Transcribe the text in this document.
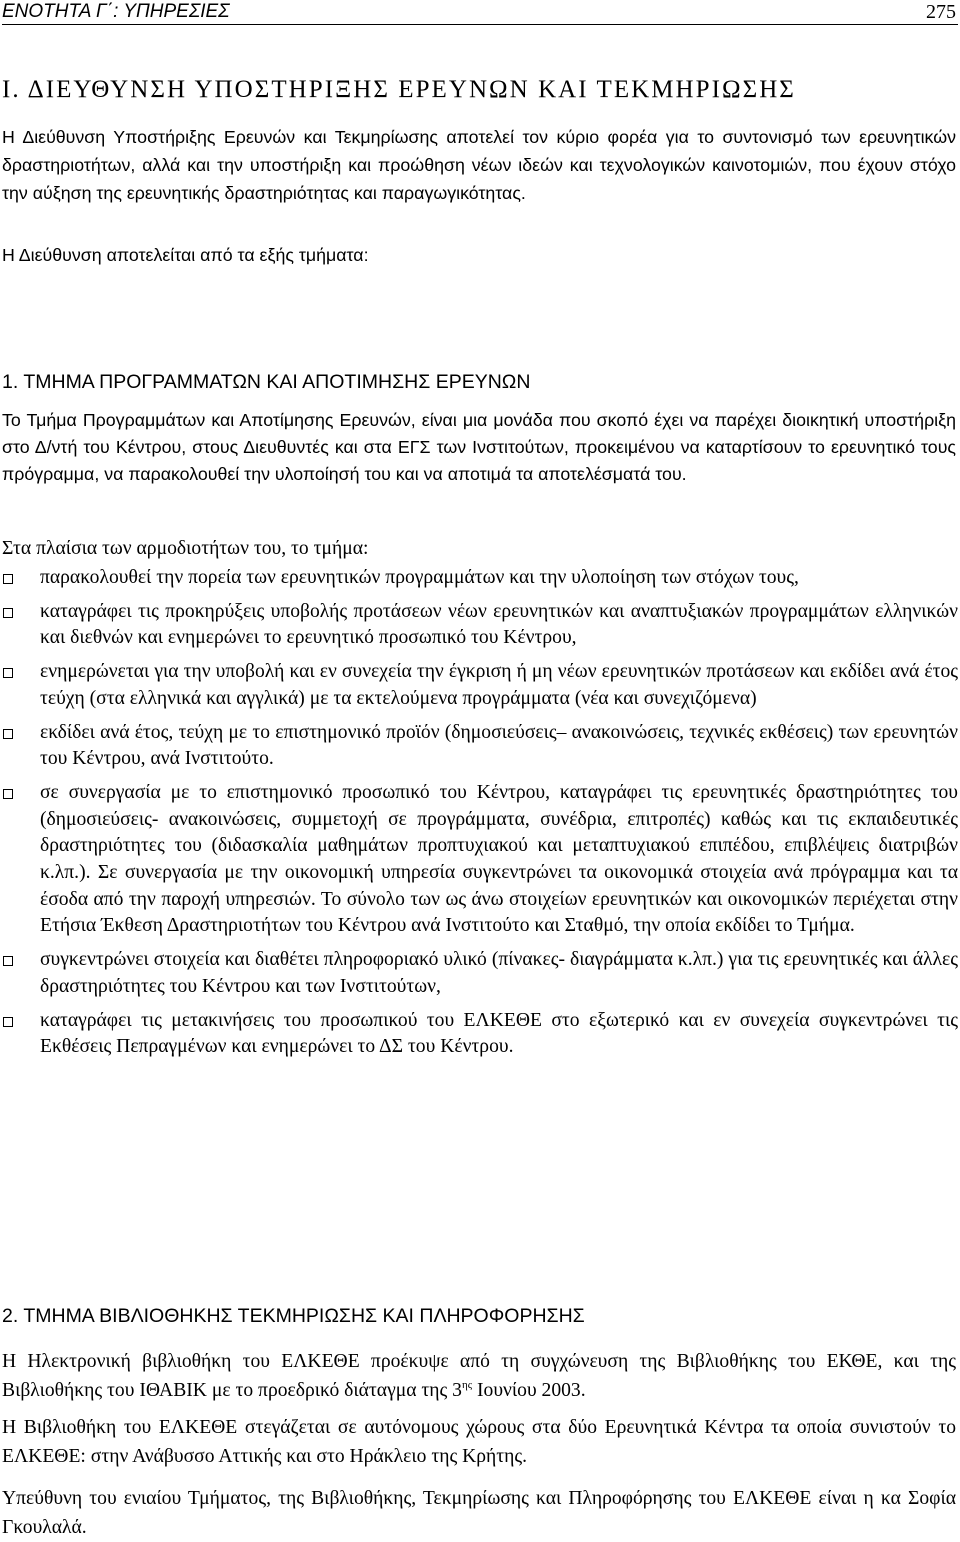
ΕΝΟΤΗΤΑ Γ΄: ΥΠΗΡΕΣΙΕΣ	275
Ι. ΔΙΕΥΘΥΝΣΗ ΥΠΟΣΤΗΡΙΞΗΣ ΕΡΕΥΝΩΝ ΚΑΙ ΤΕΚΜΗΡΙΩΣΗΣ

Η Διεύθυνση Υποστήριξης Ερευνών και Τεκμηρίωσης αποτελεί τον κύριο φορέα για το συντονισμό των ερευνητικών δραστηριοτήτων, αλλά και την υποστήριξη και προώθηση νέων ιδεών και τεχνολογικών καινοτομιών, που έχουν στόχο την αύξηση της ερευνητικής δραστηριότητας και παραγωγικότητας.

Η Διεύθυνση αποτελείται από τα εξής τμήματα:

1. ΤΜΗΜΑ ΠΡΟΓΡΑΜΜΑΤΩΝ ΚΑΙ ΑΠΟΤΙΜΗΣΗΣ ΕΡΕΥΝΩΝ

Το Τμήμα Προγραμμάτων και Αποτίμησης Ερευνών, είναι μια μονάδα που σκοπό έχει να παρέχει διοικητική υποστήριξη στο Δ/ντή του Κέντρου, στους Διευθυντές και στα ΕΓΣ των Ινστιτούτων, προκειμένου να καταρτίσουν το ερευνητικό τους πρόγραμμα, να παρακολουθεί την υλοποίησή του και να αποτιμά τα αποτελέσματά του.

Στα πλαίσια των αρμοδιοτήτων του, το τμήμα:

παρακολουθεί την πορεία των ερευνητικών προγραμμάτων και την υλοποίηση των στόχων τους,
καταγράφει τις προκηρύξεις υποβολής προτάσεων νέων ερευνητικών και αναπτυξιακών προγραμμάτων ελληνικών και διεθνών και ενημερώνει το ερευνητικό προσωπικό του Κέντρου,
ενημερώνεται για την υποβολή και εν συνεχεία την έγκριση ή μη νέων ερευνητικών προτάσεων και εκδίδει ανά έτος τεύχη (στα ελληνικά και αγγλικά) με τα εκτελούμενα προγράμματα (νέα και συνεχιζόμενα)
εκδίδει ανά έτος, τεύχη με το επιστημονικό προϊόν (δημοσιεύσεις– ανακοινώσεις, τεχνικές εκθέσεις) των ερευνητών του Κέντρου, ανά Ινστιτούτο.
σε συνεργασία με το επιστημονικό προσωπικό του Κέντρου, καταγράφει τις ερευνητικές δραστηριότητες του (δημοσιεύσεις- ανακοινώσεις, συμμετοχή σε προγράμματα, συνέδρια, επιτροπές) καθώς και τις εκπαιδευτικές δραστηριότητες του (διδασκαλία μαθημάτων προπτυχιακού και μεταπτυχιακού επιπέδου, επιβλέψεις διατριβών κ.λπ.). Σε συνεργασία με την οικονομική υπηρεσία συγκεντρώνει τα οικονομικά στοιχεία ανά πρόγραμμα και τα έσοδα από την παροχή υπηρεσιών. Το σύνολο των ως άνω στοιχείων ερευνητικών και οικονομικών περιέχεται στην Ετήσια Έκθεση Δραστηριοτήτων του Κέντρου ανά Ινστιτούτο και Σταθμό, την οποία εκδίδει το Τμήμα.
συγκεντρώνει στοιχεία και διαθέτει πληροφοριακό υλικό (πίνακες- διαγράμματα κ.λπ.) για τις ερευνητικές και άλλες δραστηριότητες του Κέντρου και των Ινστιτούτων,
καταγράφει τις μετακινήσεις του προσωπικού του ΕΛΚΕΘΕ στο εξωτερικό και εν συνεχεία συγκεντρώνει τις Εκθέσεις Πεπραγμένων και ενημερώνει το ΔΣ του Κέντρου.
2. ΤΜΗΜΑ ΒΙΒΛΙΟΘΗΚΗΣ ΤΕΚΜΗΡΙΩΣΗΣ ΚΑΙ ΠΛΗΡΟΦΟΡΗΣΗΣ

Η Ηλεκτρονική βιβλιοθήκη του ΕΛΚΕΘΕ προέκυψε από τη συγχώνευση της Βιβλιοθήκης του ΕΚΘΕ, και της Βιβλιοθήκης του ΙΘΑΒΙΚ με το προεδρικό διάταγμα της $3^{\eta\varsigma}$ Ιουνίου 2003.

Η Βιβλιοθήκη του ΕΛΚΕΘΕ στεγάζεται σε αυτόνομους χώρους στα δύο Ερευνητικά Κέντρα τα οποία συνιστούν το ΕΛΚΕΘΕ: στην Ανάβυσσο Αττικής και στο Ηράκλειο της Κρήτης.

Υπεύθυνη του ενιαίου Τμήματος, της Βιβλιοθήκης, Τεκμηρίωσης και Πληροφόρησης του ΕΛΚΕΘΕ είναι η κα Σοφία Γκουλαλά.
